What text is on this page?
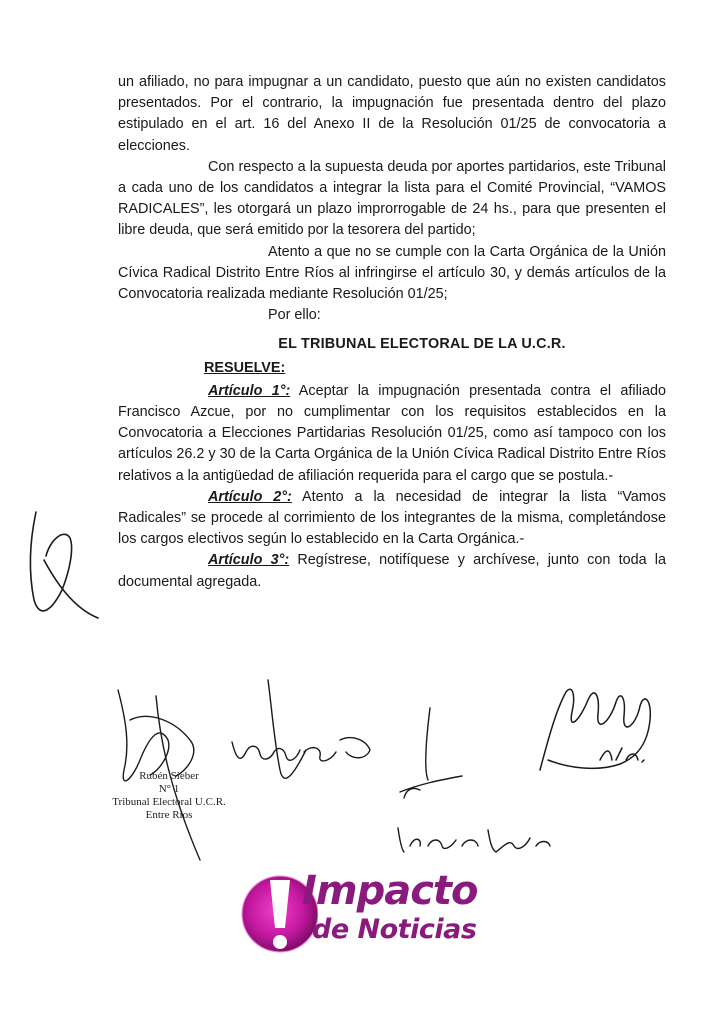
un afiliado, no para impugnar a un candidato, puesto que aún no existen candidatos presentados. Por el contrario, la impugnación fue presentada dentro del plazo estipulado en el art. 16 del Anexo II de la Resolución 01/25 de convocatoria a elecciones.

Con respecto a la supuesta deuda por aportes partidarios, este Tribunal a cada uno de los candidatos a integrar la lista para el Comité Provincial, “VAMOS RADICALES”, les otorgará un plazo improrrogable de 24 hs., para que presenten el libre deuda, que será emitido por la tesorera del partido;

Atento a que no se cumple con la Carta Orgánica de la Unión Cívica Radical Distrito Entre Ríos al infringirse el artículo 30, y demás artículos de la Convocatoria realizada mediante Resolución 01/25;

Por ello:

EL TRIBUNAL ELECTORAL DE LA U.C.R.

RESUELVE:

Artículo 1°: Aceptar la impugnación presentada contra el afiliado Francisco Azcue, por no cumplimentar con los requisitos establecidos en la Convocatoria a Elecciones Partidarias Resolución 01/25, como así tampoco con los artículos 26.2 y 30 de la Carta Orgánica de la Unión Cívica Radical Distrito Entre Ríos relativos a la antigüedad de afiliación requerida para el cargo que se postula.-

Artículo 2°: Atento a la necesidad de integrar la lista “Vamos Radicales” se procede al corrimiento de los integrantes de la misma, completándose los cargos electivos según lo establecido en la Carta Orgánica.-

Artículo 3°: Regístrese, notifíquese y archívese, junto con toda la documental agregada.

Rubén Sieber
N° 1
Tribunal Electoral U.C.R.
Entre Ríos
Impacto
de Noticias
